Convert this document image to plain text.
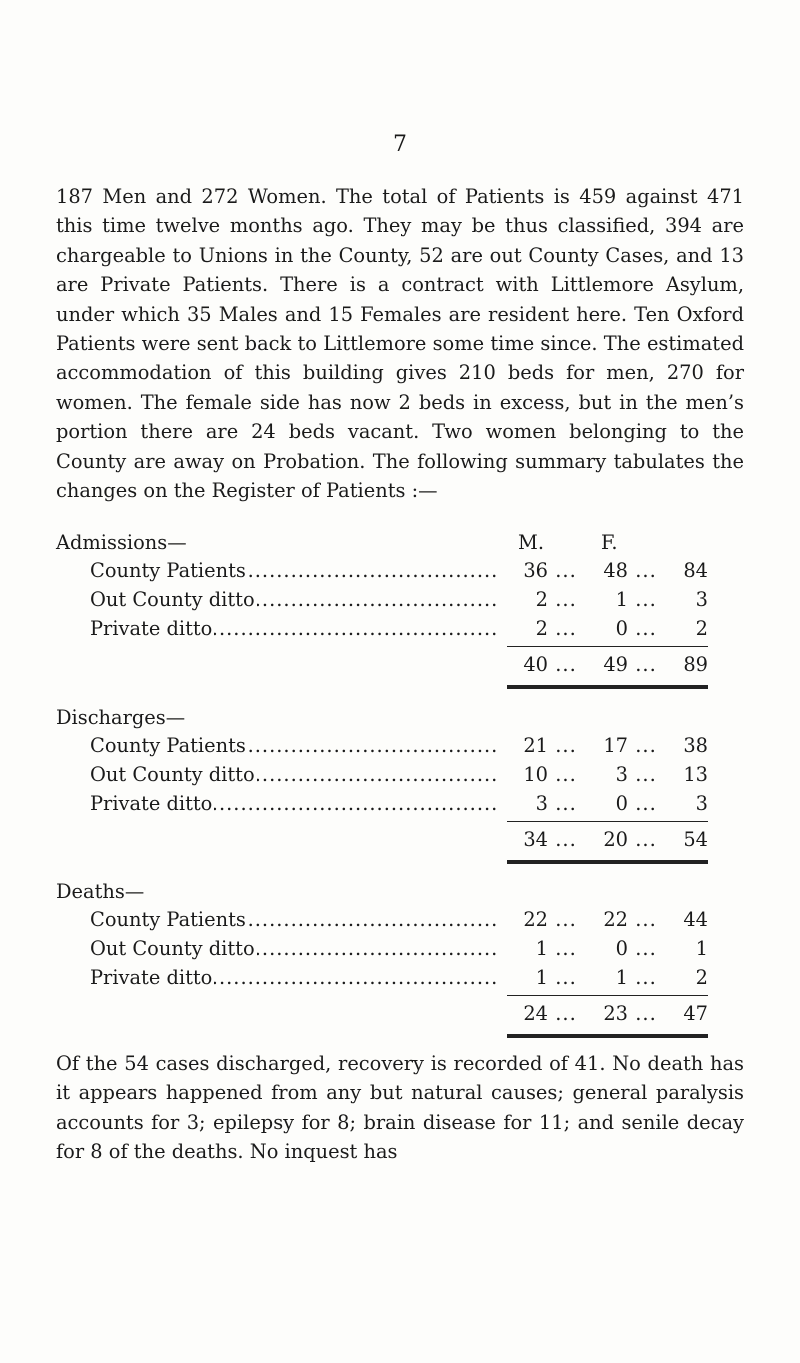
7

187 Men and 272 Women. The total of Patients is 459 against 471 this time twelve months ago. They may be thus classified, 394 are chargeable to Unions in the County, 52 are out County Cases, and 13 are Private Patients. There is a contract with Littlemore Asylum, under which 35 Males and 15 Females are resident here. Ten Oxford Patients were sent back to Littlemore some time since. The estimated accommodation of this building gives 210 beds for men, 270 for women. The female side has now 2 beds in excess, but in the men’s portion there are 24 beds vacant. Two women belonging to the County are away on Probation. The following summary tabulates the changes on the Register of Patients :—

Admissions—	M.	F.
County Patients .....	36 ...	48 ...	84
Out County ditto .....	2 ...	1 ...	3
Private ditto .....	2 ...	0 ...	2
40 ...	49 ...	89
Discharges—
County Patients .....	21 ...	17 ...	38
Out County ditto .....	10 ...	3 ...	13
Private ditto .....	3 ...	0 ...	3
34 ...	20 ...	54
Deaths—
County Patients .....	22 ...	22 ...	44
Out County ditto .....	1 ...	0 ...	1
Private ditto .....	1 ...	1 ...	2
24 ...	23 ...	47

Of the 54 cases discharged, recovery is recorded of 41. No death has it appears happened from any but natural causes; general paralysis accounts for 3; epilepsy for 8; brain disease for 11; and senile decay for 8 of the deaths. No inquest has
